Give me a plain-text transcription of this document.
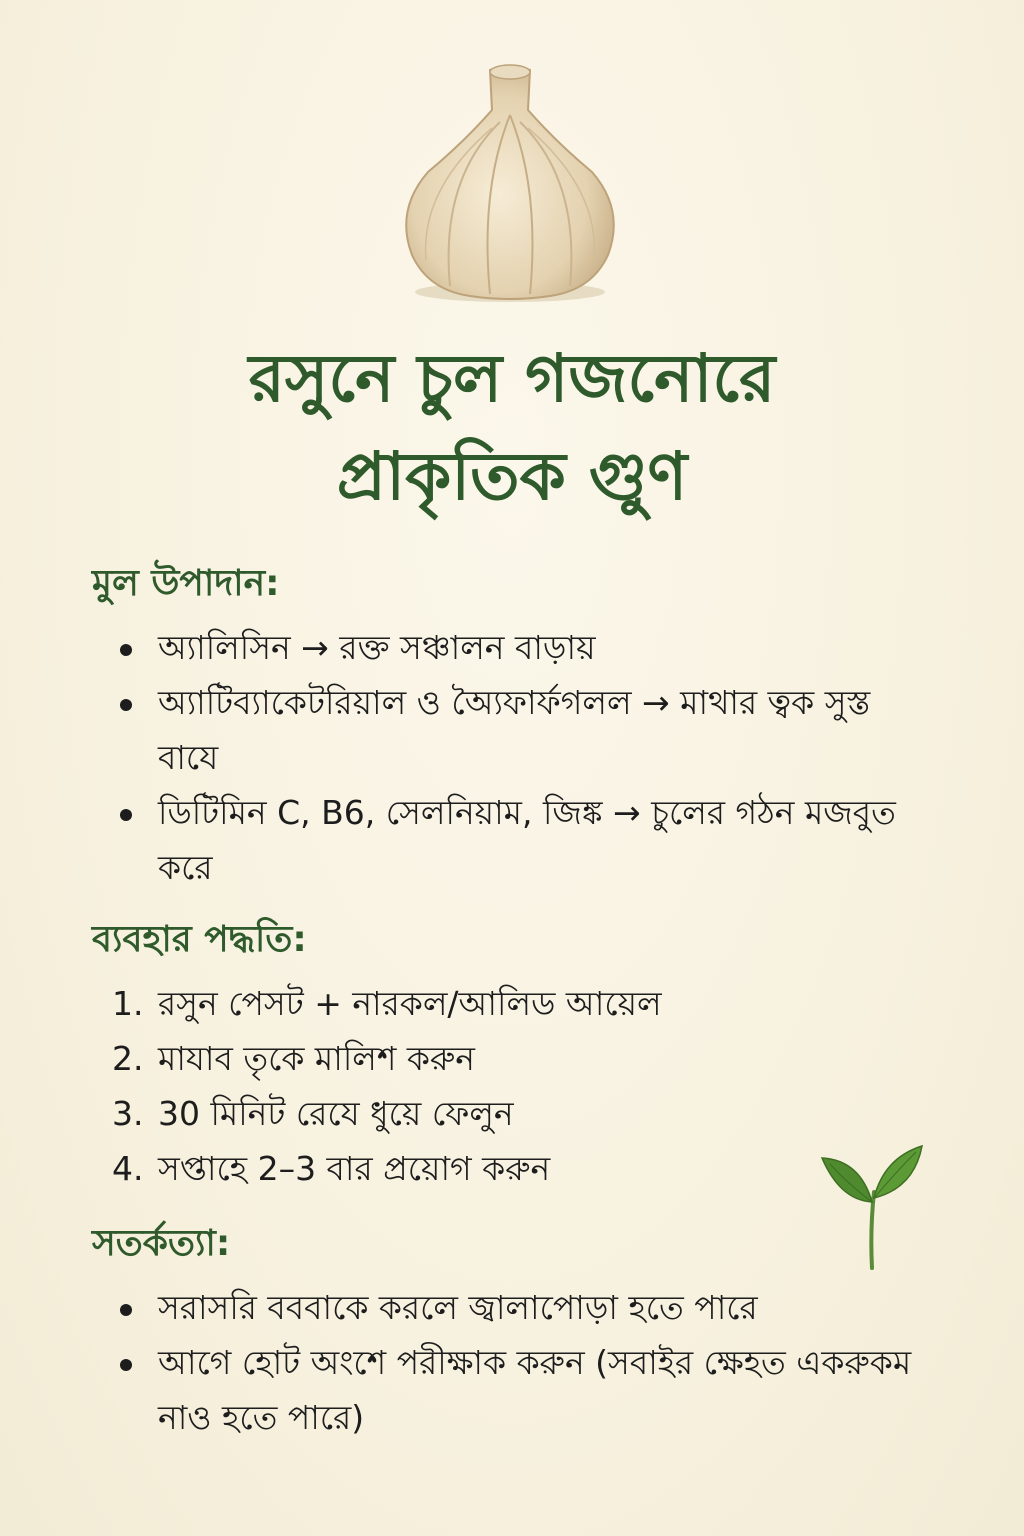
রসুনে চুল গজনোরে
প্রাকৃতিক গুুণ
মুল উপাদান:
অ্যালিসিন → রক্ত সঞ্চালন বাড়ায়
অ্যাটিব্যাকেটরিয়াল ও অ্যৈফার্ফগলল → মাথার ত্বক সুস্ত বাযে
ডিটিমিন C, B6, সেলনিয়াম, জিঙ্ক → চুলের গঠন মজবুত করে
ব্যবহার পদ্ধতি:
1. রসুন পেসট + নারকল/আলিড আয়েল
2. মাযাব তৃকে মালিশ করুন
3. 30 মিনিট রেযে ধুয়ে ফেলুন
4. সপ্তাহে 2–3 বার প্রয়োগ করুন
সতর্কত্যা:
সরাসরি বববাকে করলে জ্বালাপোড়া হতে পারে
আগে হোট অংশে পরীক্ষাক করুন (সবাইর ক্ষেহত একরুকম নাও হতে পারে)
